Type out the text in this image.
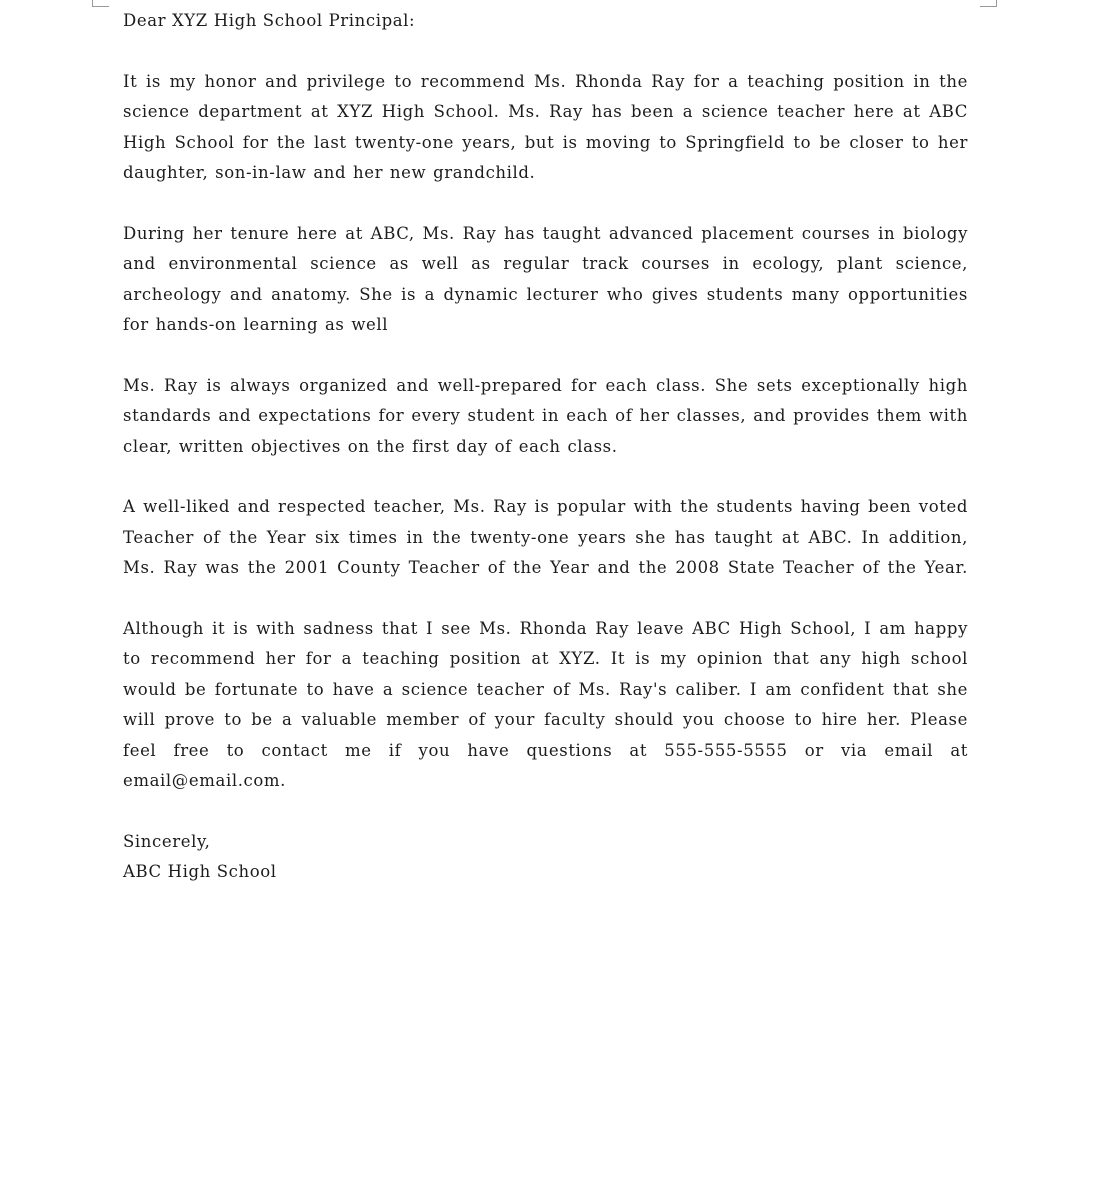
Dear XYZ High School Principal:

It is my honor and privilege to recommend Ms. Rhonda Ray for a teaching position in the science department at XYZ High School. Ms. Ray has been a science teacher here at ABC High School for the last twenty-one years, but is moving to Springfield to be closer to her daughter, son-in-law and her new grandchild.

During her tenure here at ABC, Ms. Ray has taught advanced placement courses in biology and environmental science as well as regular track courses in ecology, plant science, archeology and anatomy. She is a dynamic lecturer who gives students many opportunities for hands-on learning as well

Ms. Ray is always organized and well-prepared for each class. She sets exceptionally high standards and expectations for every student in each of her classes, and provides them with clear, written objectives on the first day of each class.

A well-liked and respected teacher, Ms. Ray is popular with the students having been voted Teacher of the Year six times in the twenty-one years she has taught at ABC. In addition, Ms. Ray was the 2001 County Teacher of the Year and the 2008 State Teacher of the Year.

Although it is with sadness that I see Ms. Rhonda Ray leave ABC High School, I am happy to recommend her for a teaching position at XYZ. It is my opinion that any high school would be fortunate to have a science teacher of Ms. Ray's caliber. I am confident that she will prove to be a valuable member of your faculty should you choose to hire her. Please feel free to contact me if you have questions at 555-555-5555 or via email at email@email.com.

Sincerely,

ABC High School
